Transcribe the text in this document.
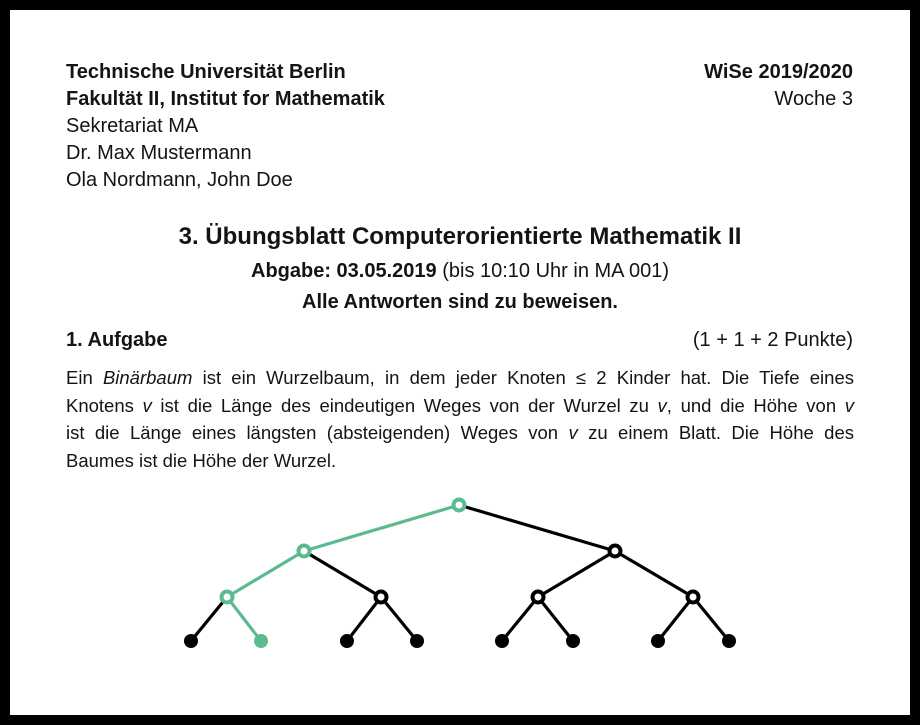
Technische Universität Berlin
Fakultät II, Institut for Mathematik
Sekretariat MA
Dr. Max Mustermann
Ola Nordmann, John Doe
WiSe 2019/2020
Woche 3
3. Übungsblatt Computerorientierte Mathematik II
Abgabe: 03.05.2019 (bis 10:10 Uhr in MA 001)
Alle Antworten sind zu beweisen.
1. Aufgabe	(1 + 1 + 2 Punkte)
Ein Binärbaum ist ein Wurzelbaum, in dem jeder Knoten ≤ 2 Kinder hat. Die Tiefe eines
Knotens v ist die Länge des eindeutigen Weges von der Wurzel zu v, und die Höhe von v
ist die Länge eines längsten (absteigenden) Weges von v zu einem Blatt. Die Höhe des
Baumes ist die Höhe der Wurzel.
